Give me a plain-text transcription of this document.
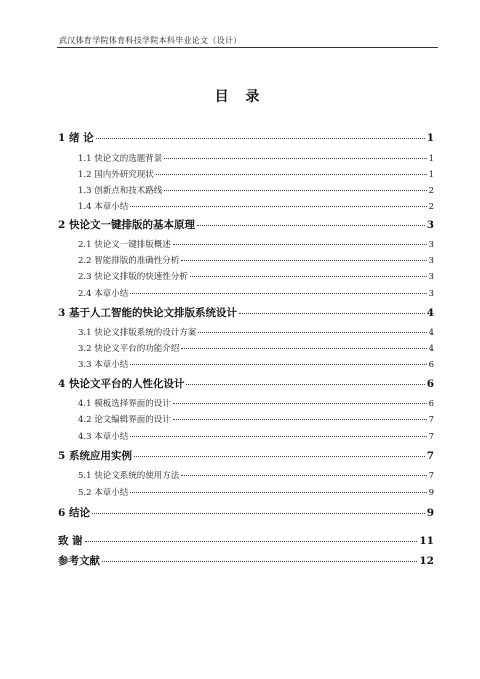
武汉体育学院体育科技学院本科毕业论文（设计）
目 录
1 绪 论	1
1.1 快论文的选题背景	1
1.2 国内外研究现状	1
1.3 创新点和技术路线	2
1.4 本章小结	2
2 快论文一键排版的基本原理	3
2.1 快论文一键排版概述	3
2.2 智能排版的准确性分析	3
2.3 快论文排版的快速性分析	3
2.4 本章小结	3
3 基于人工智能的快论文排版系统设计	4
3.1 快论文排版系统的设计方案	4
3.2 快论文平台的功能介绍	4
3.3 本章小结	6
4 快论文平台的人性化设计	6
4.1 模板选择界面的设计	6
4.2 论文编辑界面的设计	7
4.3 本章小结	7
5 系统应用实例	7
5.1 快论文系统的使用方法	7
5.2 本章小结	9
6 结论	9
致 谢	11
参考文献	12
